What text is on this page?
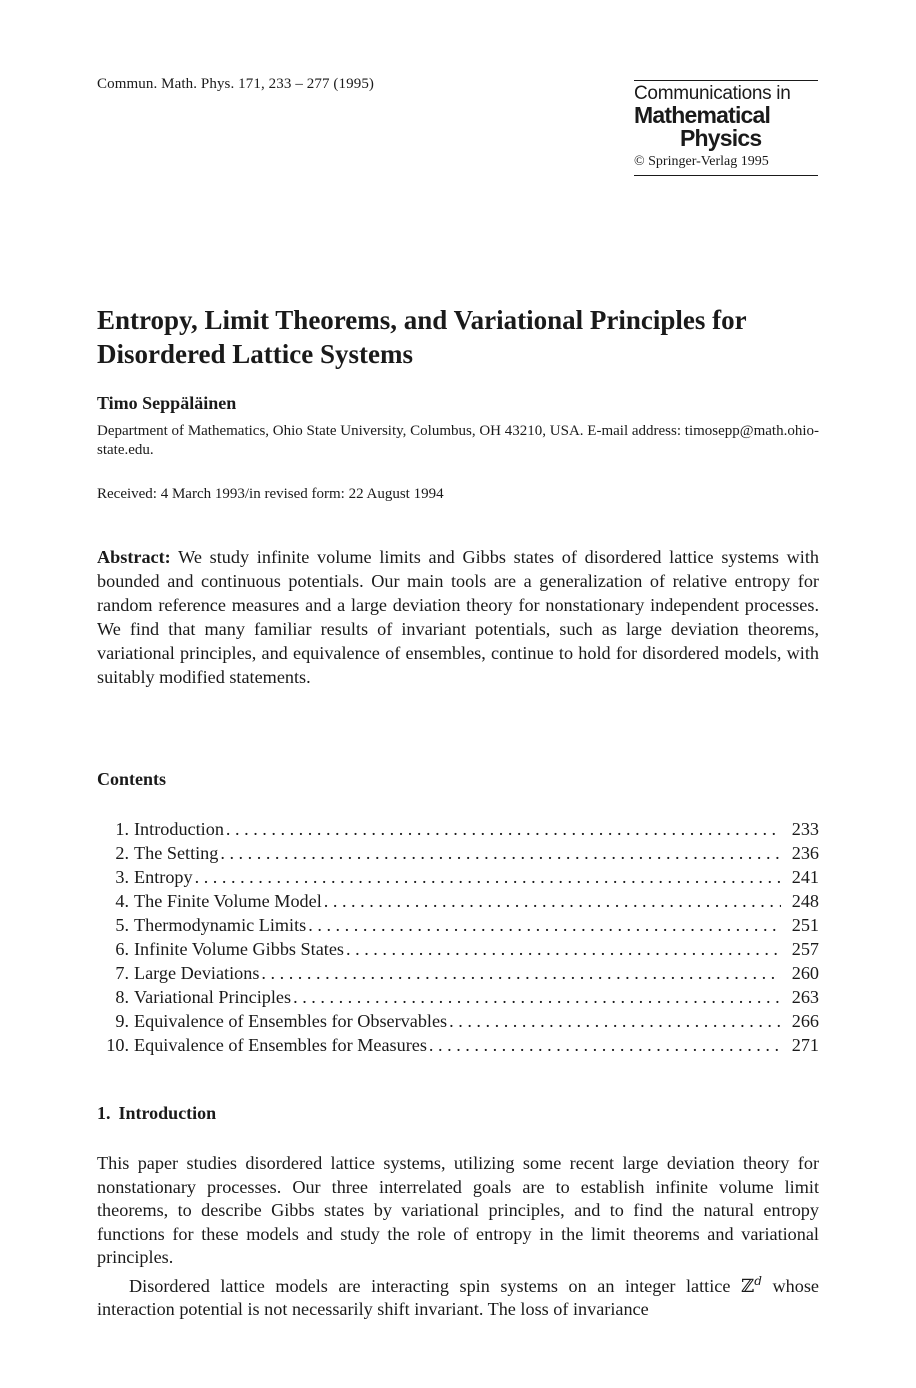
Commun. Math. Phys. 171, 233 – 277 (1995)	Communications in
Mathematical
Physics
© Springer-Verlag 1995
Entropy, Limit Theorems, and Variational Principles for Disordered Lattice Systems
Timo Seppäläinen
Department of Mathematics, Ohio State University, Columbus, OH 43210, USA. E-mail address: timosepp@math.ohio-state.edu.
Received: 4 March 1993/in revised form: 22 August 1994

Abstract: We study infinite volume limits and Gibbs states of disordered lattice systems with bounded and continuous potentials. Our main tools are a generalization of relative entropy for random reference measures and a large deviation theory for nonstationary independent processes. We find that many familiar results of invariant potentials, such as large deviation theorems, variational principles, and equivalence of ensembles, continue to hold for disordered models, with suitably modified statements.

Contents
1. Introduction . . .	233
2. The Setting . . .	236
3. Entropy . . .	241
4. The Finite Volume Model . . .	248
5. Thermodynamic Limits . . .	251
6. Infinite Volume Gibbs States . . .	257
7. Large Deviations . . .	260
8. Variational Principles . . .	263
9. Equivalence of Ensembles for Observables . . .	266
10. Equivalence of Ensembles for Measures . . .	271
1. Introduction

This paper studies disordered lattice systems, utilizing some recent large deviation theory for nonstationary processes. Our three interrelated goals are to establish infinite volume limit theorems, to describe Gibbs states by variational principles, and to find the natural entropy functions for these models and study the role of entropy in the limit theorems and variational principles.

Disordered lattice models are interacting spin systems on an integer lattice ℤ$^d$ whose interaction potential is not necessarily shift invariant. The loss of invariance
